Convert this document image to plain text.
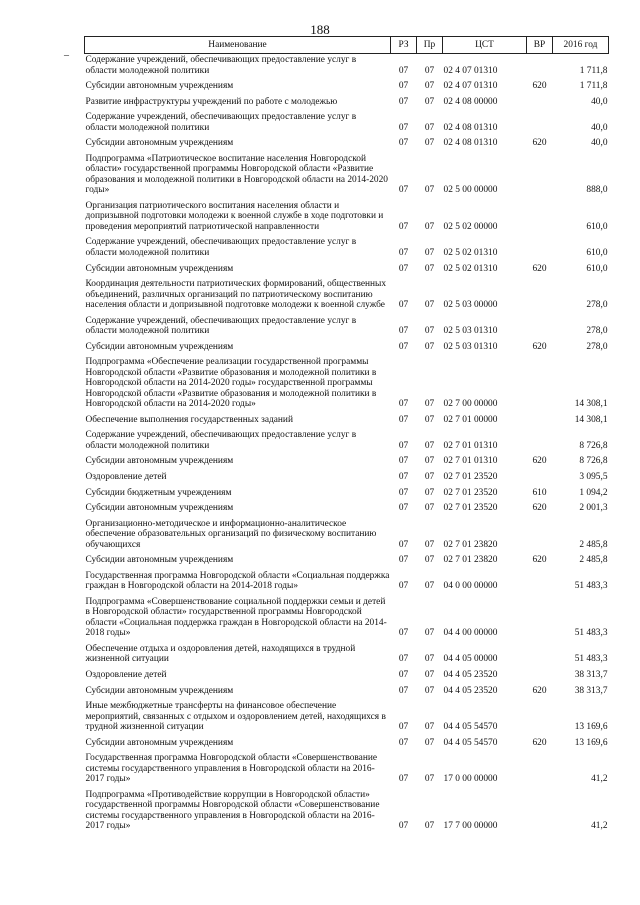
188
–
Наименование	РЗ	Пр	ЦСТ	ВР	2016 год
Содержание учреждений, обеспечивающих предоставление услуг в области молодежной политики	07	07	02 4 07 01310		1 711,8
Субсидии автономным учреждениям	07	07	02 4 07 01310	620	1 711,8
Развитие инфраструктуры учреждений по работе с молодежью	07	07	02 4 08 00000		40,0
Содержание учреждений, обеспечивающих предоставление услуг в области молодежной политики	07	07	02 4 08 01310		40,0
Субсидии автономным учреждениям	07	07	02 4 08 01310	620	40,0
Подпрограмма «Патриотическое воспитание населения Новгородской области» государственной программы Новгородской области «Развитие образования и молодежной политики в Новгородской области на 2014-2020 годы»	07	07	02 5 00 00000		888,0
Организация патриотического воспитания населения области и допризывной подготовки молодежи к военной службе в ходе подготовки и проведения мероприятий патриотической направленности	07	07	02 5 02 00000		610,0
Содержание учреждений, обеспечивающих предоставление услуг в области молодежной политики	07	07	02 5 02 01310		610,0
Субсидии автономным учреждениям	07	07	02 5 02 01310	620	610,0
Координация деятельности патриотических формирований, общественных объединений, различных организаций по патриотическому воспитанию населения области и допризывной подготовке молодежи к военной службе	07	07	02 5 03 00000		278,0
Содержание учреждений, обеспечивающих предоставление услуг в области молодежной политики	07	07	02 5 03 01310		278,0
Субсидии автономным учреждениям	07	07	02 5 03 01310	620	278,0
Подпрограмма «Обеспечение реализации государственной программы Новгородской области «Развитие образования и молодежной политики в Новгородской области на 2014-2020 годы» государственной программы Новгородской области «Развитие образования и молодежной политики в Новгородской области на 2014-2020 годы»	07	07	02 7 00 00000		14 308,1
Обеспечение выполнения государственных заданий	07	07	02 7 01 00000		14 308,1
Содержание учреждений, обеспечивающих предоставление услуг в области молодежной политики	07	07	02 7 01 01310		8 726,8
Субсидии автономным учреждениям	07	07	02 7 01 01310	620	8 726,8
Оздоровление детей	07	07	02 7 01 23520		3 095,5
Субсидии бюджетным учреждениям	07	07	02 7 01 23520	610	1 094,2
Субсидии автономным учреждениям	07	07	02 7 01 23520	620	2 001,3
Организационно-методическое и информационно-аналитическое обеспечение образовательных организаций по физическому воспитанию обучающихся	07	07	02 7 01 23820		2 485,8
Субсидии автономным учреждениям	07	07	02 7 01 23820	620	2 485,8
Государственная программа Новгородской области «Социальная поддержка граждан в Новгородской области на 2014-2018 годы»	07	07	04 0 00 00000		51 483,3
Подпрограмма «Совершенствование социальной поддержки семьи и детей в Новгородской области» государственной программы Новгородской области «Социальная поддержка граждан в Новгородской области на 2014-2018 годы»	07	07	04 4 00 00000		51 483,3
Обеспечение отдыха и оздоровления детей, находящихся в трудной жизненной ситуации	07	07	04 4 05 00000		51 483,3
Оздоровление детей	07	07	04 4 05 23520		38 313,7
Субсидии автономным учреждениям	07	07	04 4 05 23520	620	38 313,7
Иные межбюджетные трансферты на финансовое обеспечение мероприятий, связанных с отдыхом и оздоровлением детей, находящихся в трудной жизненной ситуации	07	07	04 4 05 54570		13 169,6
Субсидии автономным учреждениям	07	07	04 4 05 54570	620	13 169,6
Государственная программа Новгородской области «Совершенствование системы государственного управления в Новгородской области на 2016-2017 годы»	07	07	17 0 00 00000		41,2
Подпрограмма «Противодействие коррупции в Новгородской области» государственной программы Новгородской области «Совершенствование системы государственного управления в Новгородской области на 2016-2017 годы»	07	07	17 7 00 00000		41,2
